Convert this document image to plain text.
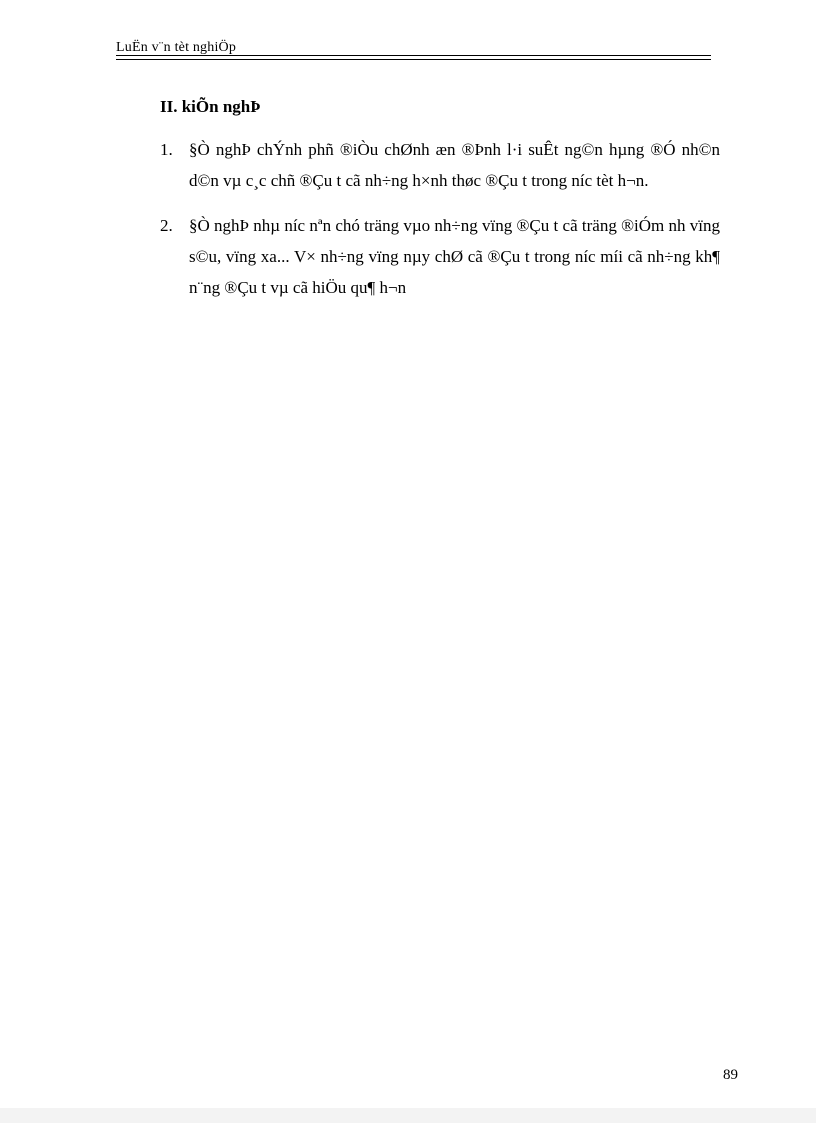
LuËn v¨n tèt nghiÖp
II. kiÕn nghÞ
1. §Ò nghÞ chÝnh phñ ®iÒu chØnh æn ®Þnh l·i suÊt ng©n hµng ®Ó nh©n d©n vµ c¸c chñ ®Çu t cã nh÷ng h×nh thøc ®Çu t trong níc tèt h¬n.
2. §Ò nghÞ nhµ níc nªn chó träng vµo nh÷ng vïng ®Çu t cã träng ®iÓm nh vïng s©u, vïng xa... V× nh÷ng vïng nµy chØ cã ®Çu t trong níc míi cã nh÷ng kh¶ n¨ng ®Çu t vµ cã hiÖu qu¶ h¬n
89
